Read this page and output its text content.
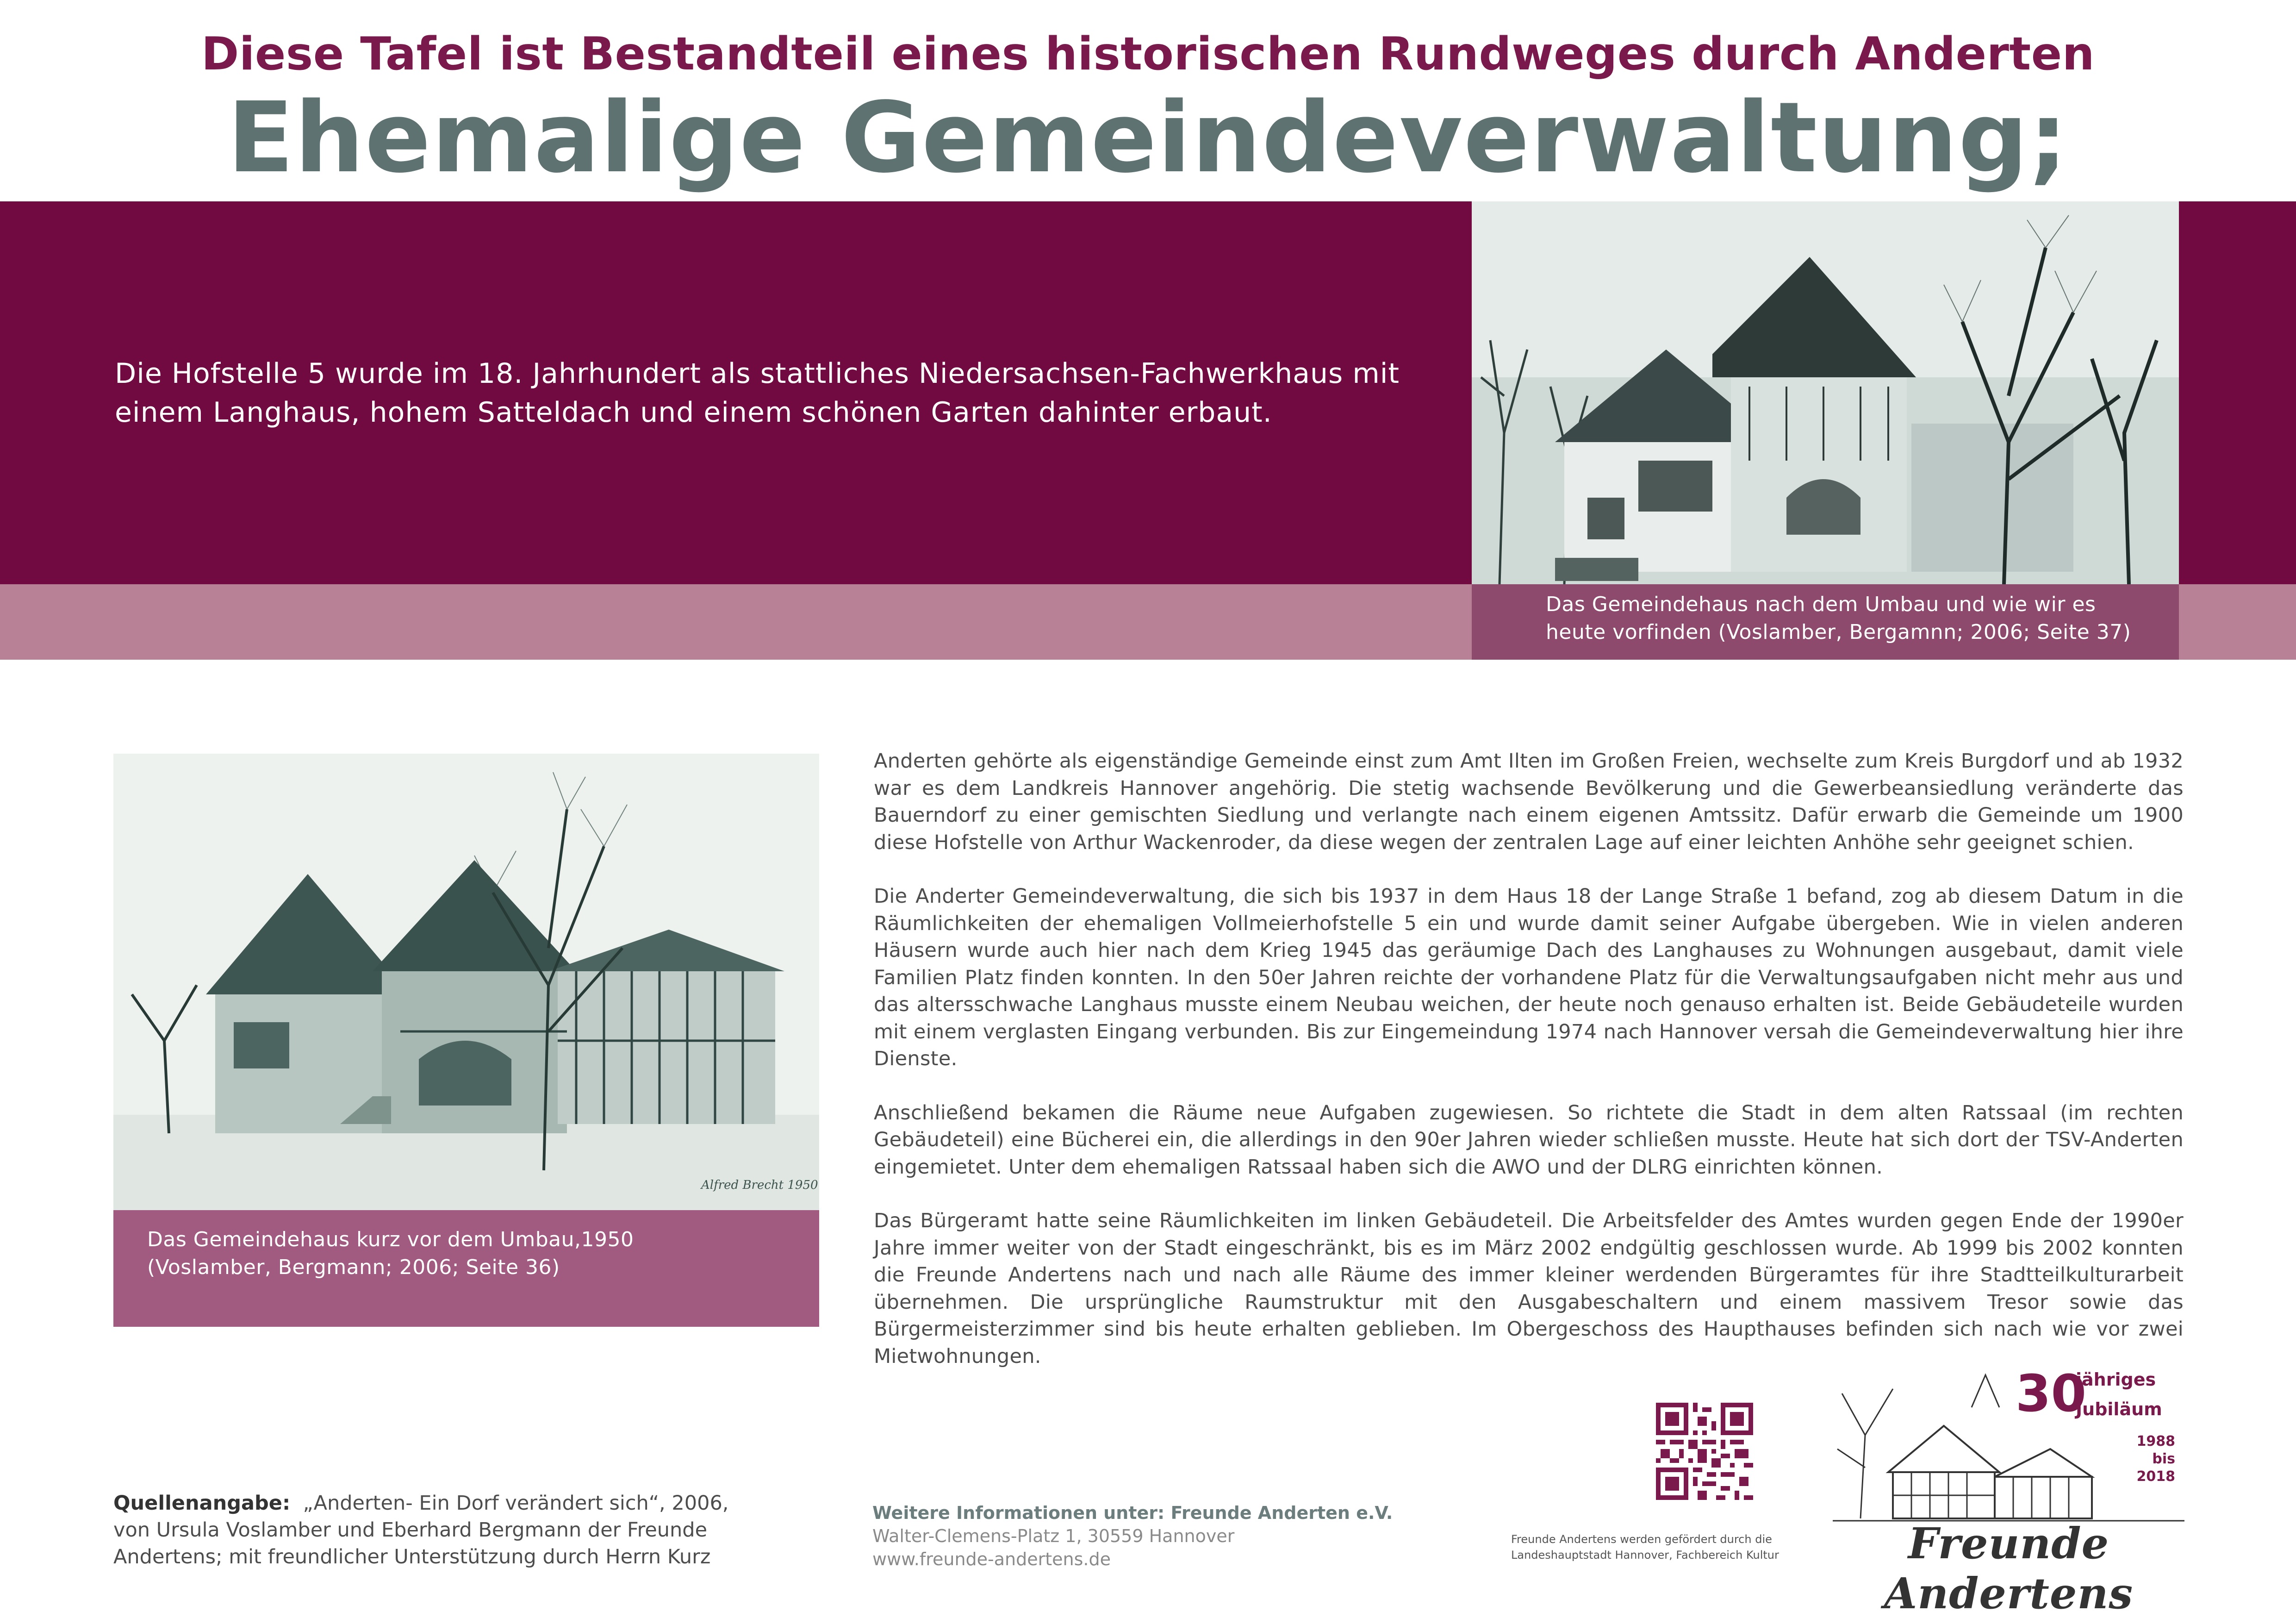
Diese Tafel ist Bestandteil eines historischen Rundweges durch Anderten
Ehemalige Gemeindeverwaltung;
Die Hofstelle 5 wurde im 18. Jahrhundert als stattliches Niedersachsen-Fachwerkhaus mit einem Langhaus, hohem Satteldach und einem schönen Garten dahinter erbaut.
Das Gemeindehaus nach dem Umbau und wie wir es
heute vorfinden (Voslamber, Bergamnn; 2006; Seite 37)
Alfred Brecht 1950
Das Gemeindehaus kurz vor dem Umbau,1950
(Voslamber, Bergmann; 2006; Seite 36)

Anderten gehörte als eigenständige Gemeinde einst zum Amt Ilten im Großen Freien, wechselte zum Kreis Burgdorf und ab 1932 war es dem Landkreis Hannover angehörig. Die stetig wachsende Bevölkerung und die Gewerbeansiedlung veränderte das Bauerndorf zu einer gemischten Siedlung und verlangte nach einem eigenen Amtssitz. Dafür erwarb die Gemeinde um 1900 diese Hofstelle von Arthur Wackenroder, da diese wegen der zentralen Lage auf einer leichten Anhöhe sehr geeignet schien.

Die Anderter Gemeindeverwaltung, die sich bis 1937 in dem Haus 18 der Lange Straße 1 befand, zog ab diesem Datum in die Räumlichkeiten der ehemaligen Vollmeierhofstelle 5 ein und wurde damit seiner Aufgabe übergeben. Wie in vielen anderen Häusern wurde auch hier nach dem Krieg 1945 das geräumige Dach des Langhauses zu Wohnungen ausgebaut, damit viele Familien Platz finden konnten. In den 50er Jahren reichte der vorhandene Platz für die Verwaltungsaufgaben nicht mehr aus und das altersschwache Langhaus musste einem Neubau weichen, der heute noch genauso erhalten ist. Beide Gebäudeteile wurden mit einem verglasten Eingang verbunden. Bis zur Eingemeindung 1974 nach Hannover versah die Gemeindeverwaltung hier ihre Dienste.

Anschließend bekamen die Räume neue Aufgaben zugewiesen. So richtete die Stadt in dem alten Ratssaal (im rechten Gebäudeteil) eine Bücherei ein, die allerdings in den 90er Jahren wieder schließen musste. Heute hat sich dort der TSV-Anderten eingemietet. Unter dem ehemaligen Ratssaal haben sich die AWO und der DLRG einrichten können.

Das Bürgeramt hatte seine Räumlichkeiten im linken Gebäudeteil. Die Arbeitsfelder des Amtes wurden gegen Ende der 1990er Jahre immer weiter von der Stadt eingeschränkt, bis es im März 2002 endgültig geschlossen wurde. Ab 1999 bis 2002 konnten die Freunde Andertens nach und nach alle Räume des immer kleiner werdenden Bürgeramtes für ihre Stadtteilkulturarbeit übernehmen. Die ursprüngliche Raumstruktur mit den Ausgabeschaltern und einem massivem Tresor sowie das Bürgermeisterzimmer sind bis heute erhalten geblieben. Im Obergeschoss des Haupthauses befinden sich nach wie vor zwei Mietwohnungen.

Quellenangabe: „Anderten- Ein Dorf verändert sich“, 2006,
von Ursula Voslamber und Eberhard Bergmann der Freunde
Andertens; mit freundlicher Unterstützung durch Herrn Kurz
Weitere Informationen unter: Freunde Anderten e.V.
Walter-Clemens-Platz 1, 30559 Hannover
www.freunde-andertens.de
Freunde Andertens werden gefördert durch die
Landeshauptstadt Hannover, Fachbereich Kultur
30
jähriges
Jubiläum
1988
bis
2018
Freunde Andertens
